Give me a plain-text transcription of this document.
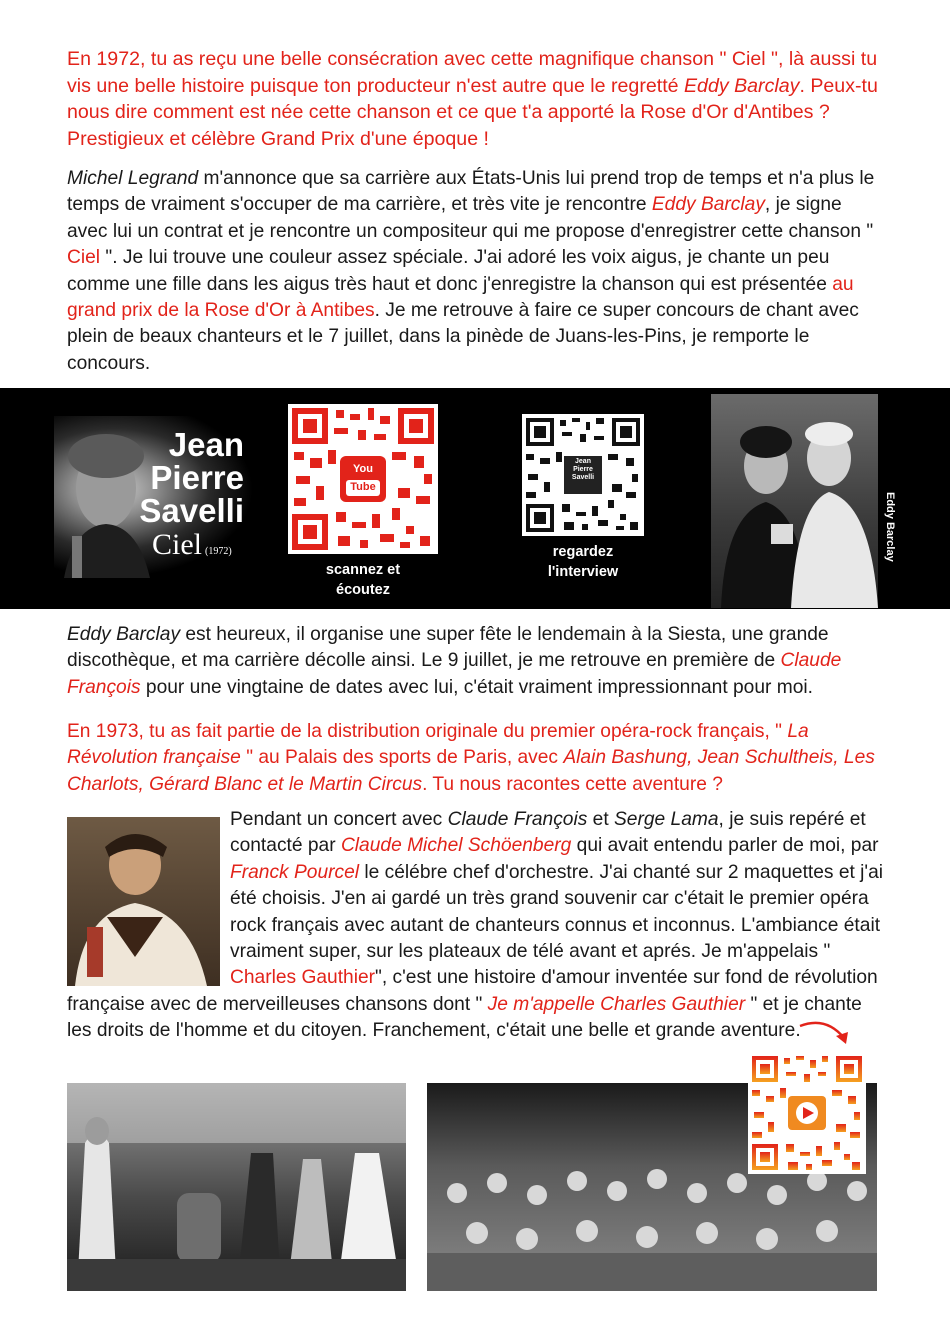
En 1972, tu as reçu une belle consécration avec cette magnifique chanson " Ciel ", là aussi tu vis une belle histoire puisque ton producteur n'est autre que le regretté Eddy Barclay. Peux-tu nous dire comment est née cette chanson et ce que t'a apporté la Rose d'Or d'Antibes ? Prestigieux et célèbre Grand Prix d'une époque !

Michel Legrand m'annonce que sa carrière aux États-Unis lui prend trop de temps et n'a plus le temps de vraiment s'occuper de ma carrière, et très vite je rencontre Eddy Barclay, je signe avec lui un contrat et je rencontre un compositeur qui me propose d'enregistrer cette chanson " Ciel ". Je lui trouve une couleur assez spéciale. J'ai adoré les voix aigus, je chante un peu comme une fille dans les aigus très haut et donc j'enregistre la chanson qui est présentée au grand prix de la Rose d'Or à Antibes. Je me retrouve à faire ce super concours de chant avec plein de beaux chanteurs et le 7 juillet, dans la pinède de Juans-les-Pins, je remporte le concours.

Jean
Pierre
Savelli
Ciel (1972)
You
Tube
scannez et écoutez
Jean
Pierre
Savelli
regardez l'interview
Eddy Barclay

Eddy Barclay est heureux, il organise une super fête le lendemain à la Siesta, une grande discothèque, et ma carrière décolle ainsi. Le 9 juillet, je me retrouve en première de Claude François pour une vingtaine de dates avec lui, c'était vraiment impressionnant pour moi.

En 1973, tu as fait partie de la distribution originale du premier opéra-rock français, " La Révolution française " au Palais des sports de Paris, avec Alain Bashung, Jean Schultheis, Les Charlots, Gérard Blanc et le Martin Circus. Tu nous racontes cette aventure ?

Pendant un concert avec Claude François et Serge Lama, je suis repéré et contacté par Claude Michel Schöenberg qui avait entendu parler de moi, par Franck Pourcel le célébre chef d'orchestre. J'ai chanté sur 2 maquettes et j'ai été choisis. J'en ai gardé un très grand souvenir car c'était le premier opéra rock français avec autant de chanteurs connus et inconnus. L'ambiance était vraiment super, sur les plateaux de télé avant et aprés. Je m'appelais " Charles Gauthier", c'est une histoire d'amour inventée sur fond de révolution française avec de merveilleuses chansons dont " Je m'appelle Charles Gauthier " et je chante les droits de l'homme et du citoyen. Franchement, c'était une belle et grande aventure.
